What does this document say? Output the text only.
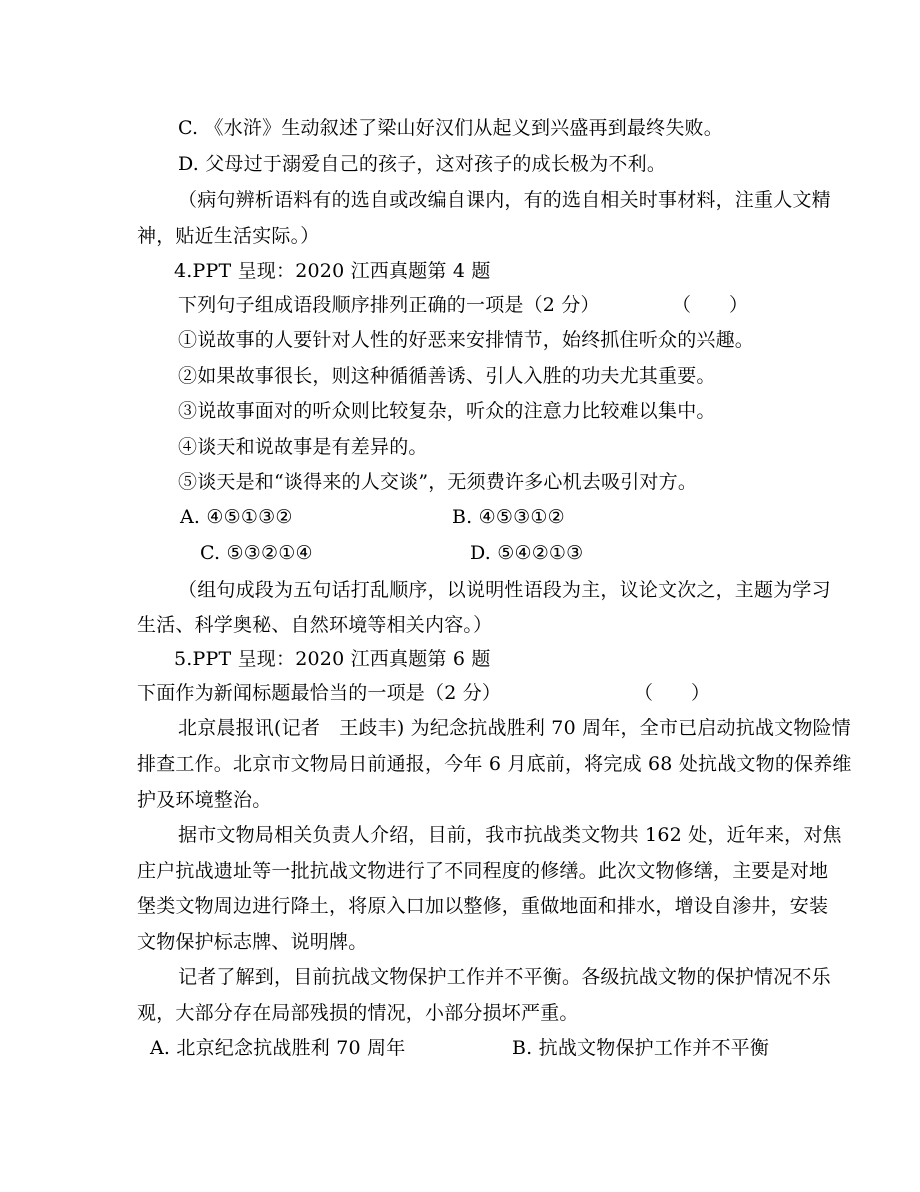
C. 《水浒》生动叙述了梁山好汉们从起义到兴盛再到最终失败。
D. 父母过于溺爱自己的孩子，这对孩子的成长极为不利。
（病句辨析语料有的选自或改编自课内，有的选自相关时事材料，注重人文精
神，贴近生活实际。）
4.PPT 呈现：2020 江西真题第 4 题
下列句子组成语段顺序排列正确的一项是（2 分）	（　　）
①说故事的人要针对人性的好恶来安排情节，始终抓住听众的兴趣。
②如果故事很长，则这种循循善诱、引人入胜的功夫尤其重要。
③说故事面对的听众则比较复杂，听众的注意力比较难以集中。
④谈天和说故事是有差异的。
⑤谈天是和“谈得来的人交谈”，无须费许多心机去吸引对方。
A. ④⑤①③②	B. ④⑤③①②
C. ⑤③②①④	D. ⑤④②①③
（组句成段为五句话打乱顺序，以说明性语段为主，议论文次之，主题为学习
生活、科学奥秘、自然环境等相关内容。）
5.PPT 呈现：2020 江西真题第 6 题
下面作为新闻标题最恰当的一项是（2 分）	（　　）
北京晨报讯(记者　王歧丰) 为纪念抗战胜利 70 周年，全市已启动抗战文物险情
排查工作。北京市文物局日前通报，今年 6 月底前，将完成 68 处抗战文物的保养维
护及环境整治。
据市文物局相关负责人介绍，目前，我市抗战类文物共 162 处，近年来，对焦
庄户抗战遗址等一批抗战文物进行了不同程度的修缮。此次文物修缮，主要是对地
堡类文物周边进行降土，将原入口加以整修，重做地面和排水，增设自渗井，安装
文物保护标志牌、说明牌。
记者了解到，目前抗战文物保护工作并不平衡。各级抗战文物的保护情况不乐
观，大部分存在局部残损的情况，小部分损坏严重。
A. 北京纪念抗战胜利 70 周年	B. 抗战文物保护工作并不平衡
